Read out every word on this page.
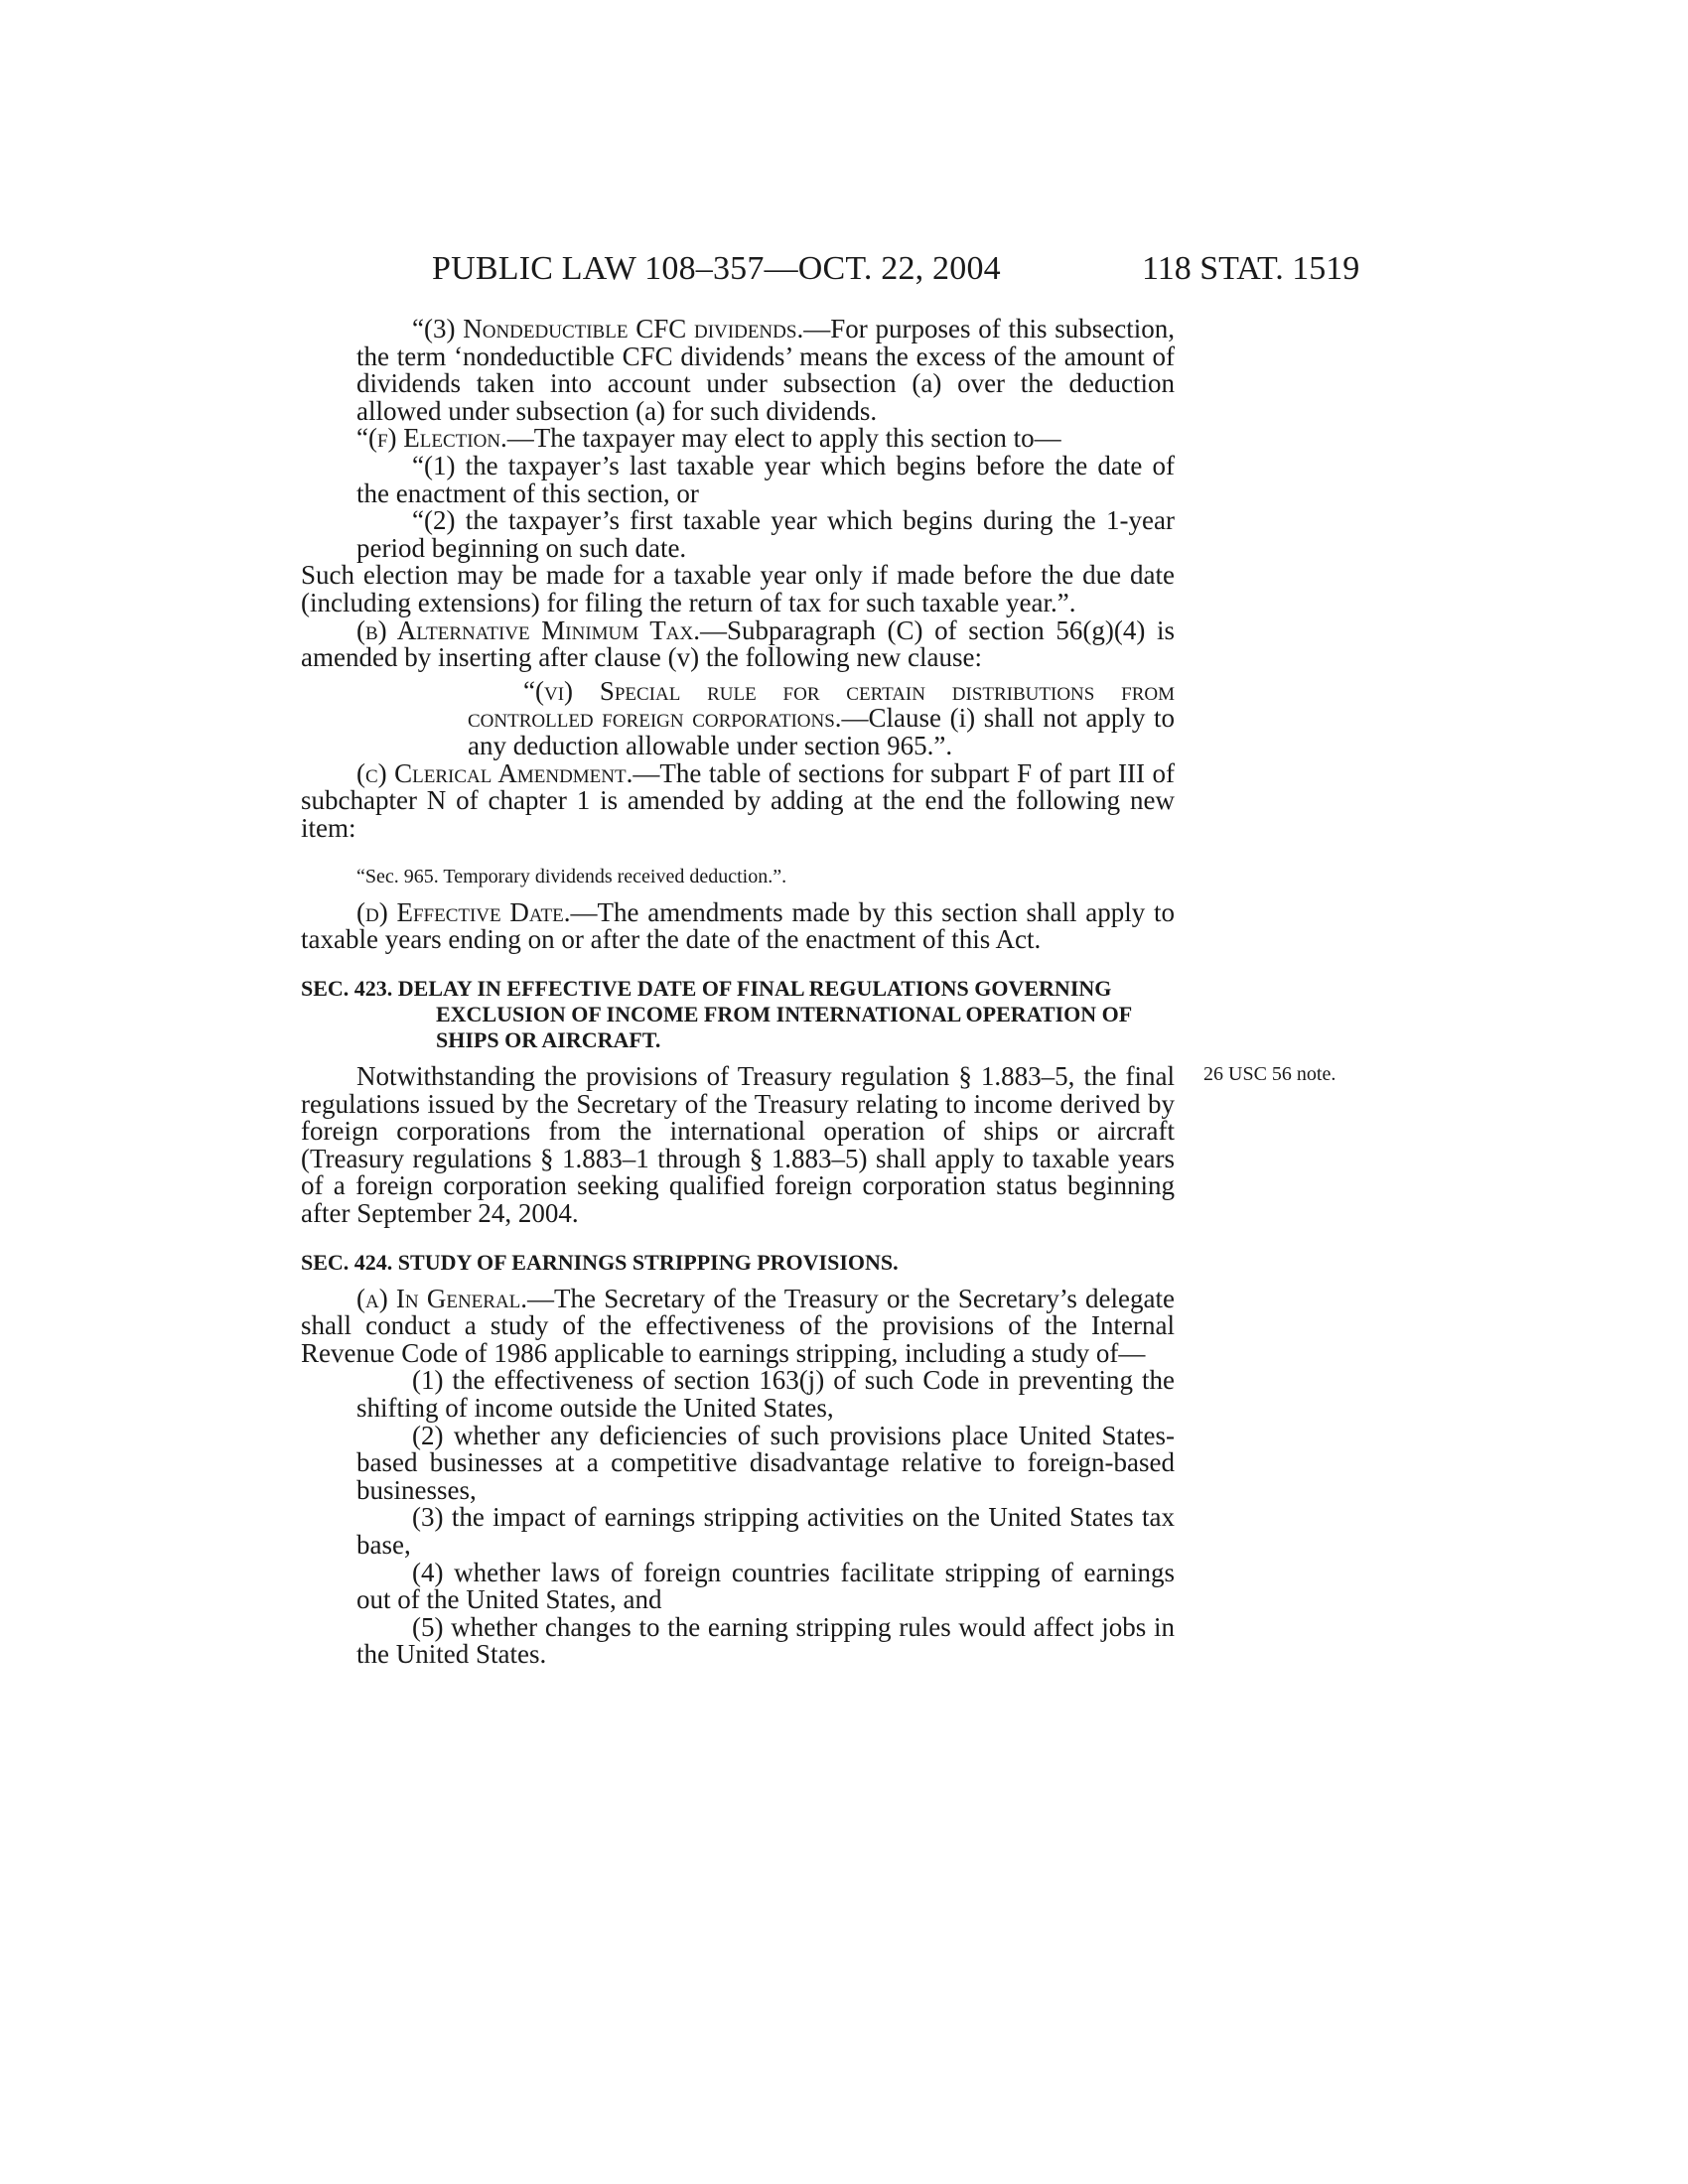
PUBLIC LAW 108–357—OCT. 22, 2004	118 STAT. 1519

“(3) Nondeductible CFC dividends.—For purposes of this subsection, the term ‘nondeductible CFC dividends’ means the excess of the amount of dividends taken into account under subsection (a) over the deduction allowed under subsection (a) for such dividends.

“(f) Election.—The taxpayer may elect to apply this section to—

“(1) the taxpayer’s last taxable year which begins before the date of the enactment of this section, or

“(2) the taxpayer’s first taxable year which begins during the 1-year period beginning on such date.

Such election may be made for a taxable year only if made before the due date (including extensions) for filing the return of tax for such taxable year.”.

(b) Alternative Minimum Tax.—Subparagraph (C) of section 56(g)(4) is amended by inserting after clause (v) the following new clause:

“(vi) Special rule for certain distributions from controlled foreign corporations.—Clause (i) shall not apply to any deduction allowable under section 965.”.

(c) Clerical Amendment.—The table of sections for subpart F of part III of subchapter N of chapter 1 is amended by adding at the end the following new item:

“Sec. 965. Temporary dividends received deduction.”.

(d) Effective Date.—The amendments made by this section shall apply to taxable years ending on or after the date of the enactment of this Act.

SEC. 423. DELAY IN EFFECTIVE DATE OF FINAL REGULATIONS GOVERNING EXCLUSION OF INCOME FROM INTERNATIONAL OPERATION OF SHIPS OR AIRCRAFT.

Notwithstanding the provisions of Treasury regulation § 1.883–5, the final regulations issued by the Secretary of the Treasury relating to income derived by foreign corporations from the international operation of ships or aircraft (Treasury regulations § 1.883–1 through § 1.883–5) shall apply to taxable years of a foreign corporation seeking qualified foreign corporation status beginning after September 24, 2004.

SEC. 424. STUDY OF EARNINGS STRIPPING PROVISIONS.

(a) In General.—The Secretary of the Treasury or the Secretary’s delegate shall conduct a study of the effectiveness of the provisions of the Internal Revenue Code of 1986 applicable to earnings stripping, including a study of—

(1) the effectiveness of section 163(j) of such Code in preventing the shifting of income outside the United States,

(2) whether any deficiencies of such provisions place United States-based businesses at a competitive disadvantage relative to foreign-based businesses,

(3) the impact of earnings stripping activities on the United States tax base,

(4) whether laws of foreign countries facilitate stripping of earnings out of the United States, and

(5) whether changes to the earning stripping rules would affect jobs in the United States.

26 USC 56 note.
